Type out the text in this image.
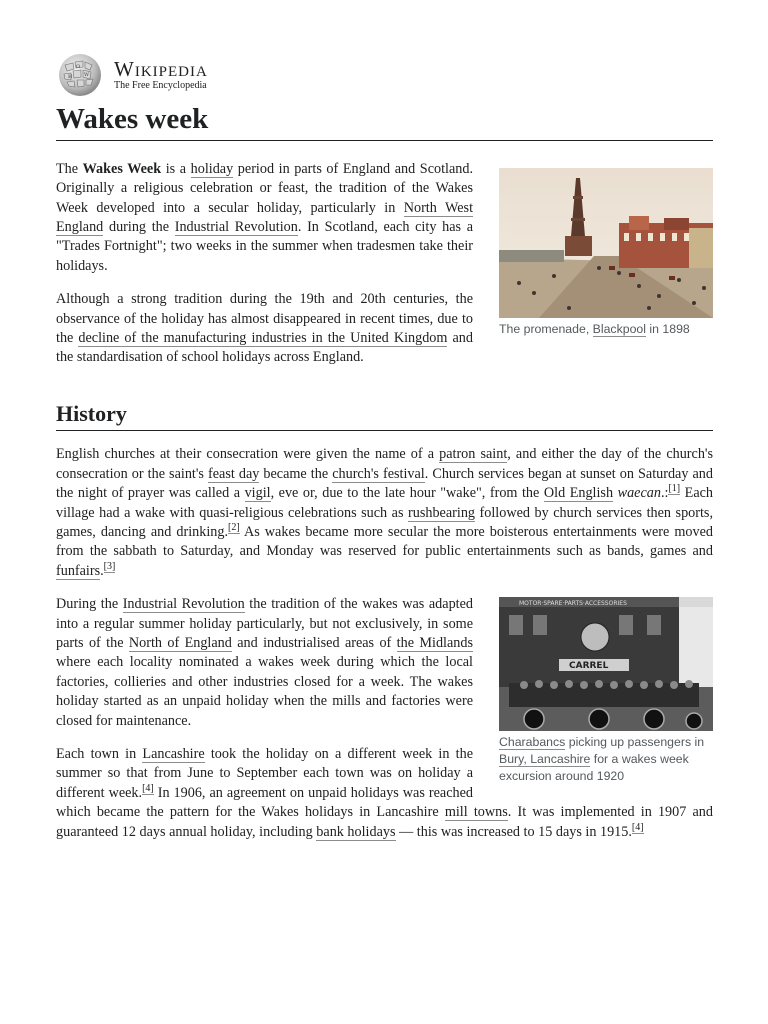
Ω
W
И Wikipedia
The Free Encyclopedia
Wakes week
The promenade, Blackpool in 1898

The Wakes Week is a holiday period in parts of England and Scotland. Originally a religious celebration or feast, the tradition of the Wakes Week developed into a secular holiday, particularly in North West England during the Industrial Revolution. In Scotland, each city has a "Trades Fortnight"; two weeks in the summer when tradesmen take their holidays.

Although a strong tradition during the 19th and 20th centuries, the observance of the holiday has almost disappeared in recent times, due to the decline of the manufacturing industries in the United Kingdom and the standardisation of school holidays across England.

History

English churches at their consecration were given the name of a patron saint, and either the day of the church's consecration or the saint's feast day became the church's festival. Church services began at sunset on Saturday and the night of prayer was called a vigil, eve or, due to the late hour "wake", from the Old English waecan.:[1] Each village had a wake with quasi-religious celebrations such as rushbearing followed by church services then sports, games, dancing and drinking.[2] As wakes became more secular the more boisterous entertainments were moved from the sabbath to Saturday, and Monday was reserved for public entertainments such as bands, games and funfairs.[3]

MOTOR·SPARE·PARTS·ACCESSORIES
CARREL
Charabancs picking up passengers in Bury, Lancashire for a wakes week excursion around 1920

During the Industrial Revolution the tradition of the wakes was adapted into a regular summer holiday particularly, but not exclusively, in some parts of the North of England and industrialised areas of the Midlands where each locality nominated a wakes week during which the local factories, collieries and other industries closed for a week. The wakes holiday started as an unpaid holiday when the mills and factories were closed for maintenance.

Each town in Lancashire took the holiday on a different week in the summer so that from June to September each town was on holiday a different week.[4] In 1906, an agreement on unpaid holidays was reached which became the pattern for the Wakes holidays in Lancashire mill towns. It was implemented in 1907 and guaranteed 12 days annual holiday, including bank holidays — this was increased to 15 days in 1915.[4]
